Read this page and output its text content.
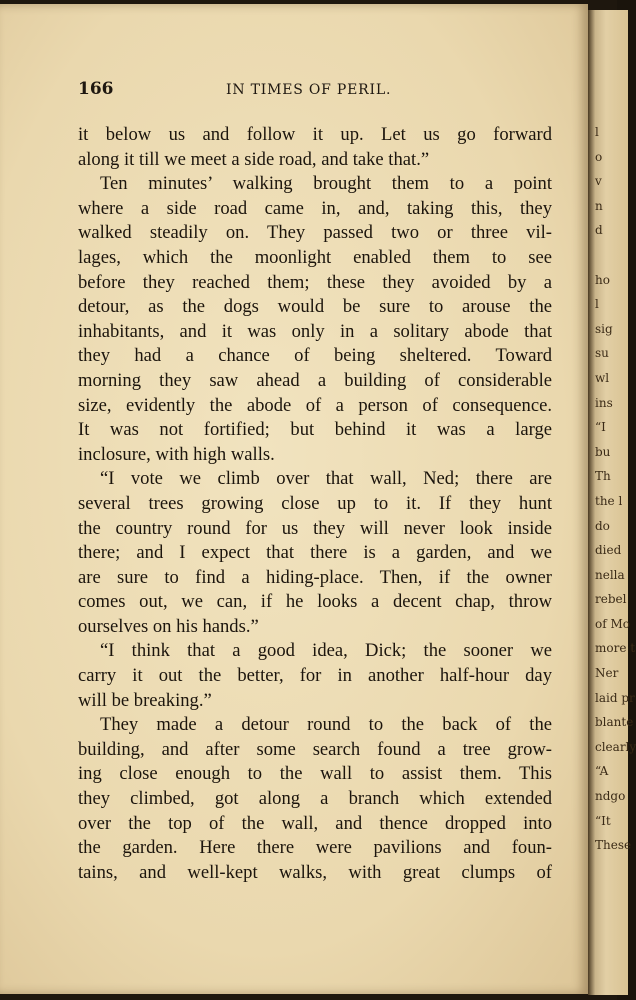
166	IN TIMES OF PERIL.
it below us and follow it up. Let us go forward
along it till we meet a side road, and take that.”
Ten minutes’ walking brought them to a point
where a side road came in, and, taking this, they
walked steadily on. They passed two or three vil-
lages, which the moonlight enabled them to see
before they reached them; these they avoided by a
detour, as the dogs would be sure to arouse the
inhabitants, and it was only in a solitary abode that
they had a chance of being sheltered. Toward
morning they saw ahead a building of considerable
size, evidently the abode of a person of consequence.
It was not fortified; but behind it was a large
inclosure, with high walls.
“I vote we climb over that wall, Ned; there are
several trees growing close up to it. If they hunt
the country round for us they will never look inside
there; and I expect that there is a garden, and we
are sure to find a hiding-place. Then, if the owner
comes out, we can, if he looks a decent chap, throw
ourselves on his hands.”
“I think that a good idea, Dick; the sooner we
carry it out the better, for in another half-hour day
will be breaking.”
They made a detour round to the back of the
building, and after some search found a tree grow-
ing close enough to the wall to assist them. This
they climbed, got along a branch which extended
over the top of the wall, and thence dropped into
the garden. Here there were pavilions and foun-
tains, and well-kept walks, with great clumps of
l
o
v
n
d
ho
l
sig
su
wl
ins
“I
bu
Th
the l
do
died
nella
rebel
of Mo
more t
Ner
laid pr
blante
clearly
“A
ndgo
“It
These
